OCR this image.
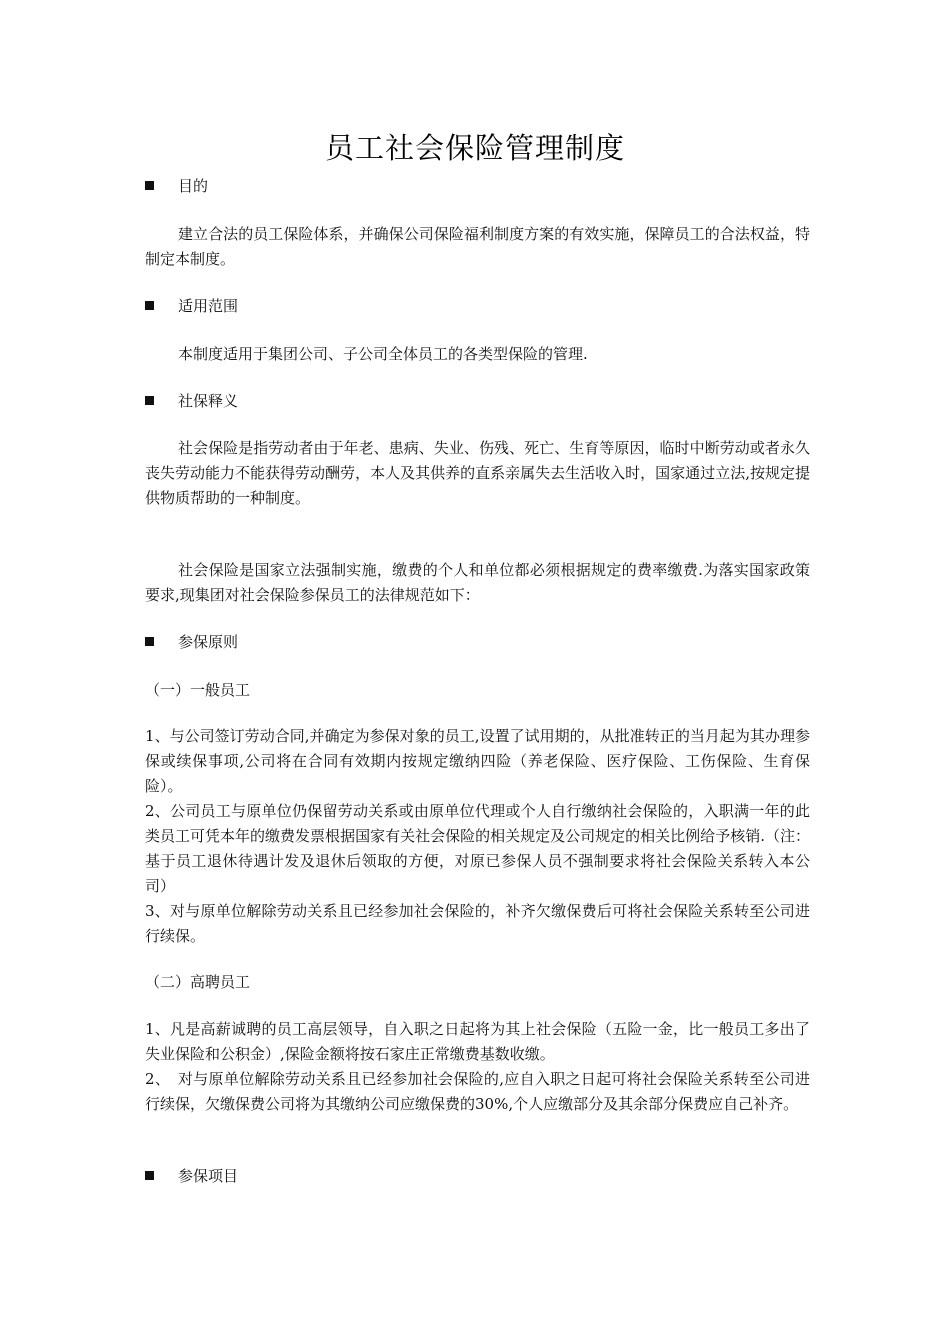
员工社会保险管理制度
目的

建立合法的员工保险体系，并确保公司保险福利制度方案的有效实施，保障员工的合法权益，特制定本制度。

适用范围

本制度适用于集团公司、子公司全体员工的各类型保险的管理.

社保释义

社会保险是指劳动者由于年老、患病、失业、伤残、死亡、生育等原因，临时中断劳动或者永久丧失劳动能力不能获得劳动酬劳，本人及其供养的直系亲属失去生活收入时，国家通过立法,按规定提供物质帮助的一种制度。

社会保险是国家立法强制实施，缴费的个人和单位都必须根据规定的费率缴费.为落实国家政策要求,现集团对社会保险参保员工的法律规范如下：

参保原则
（一）一般员工

1、与公司签订劳动合同,并确定为参保对象的员工,设置了试用期的，从批准转正的当月起为其办理参保或续保事项,公司将在合同有效期内按规定缴纳四险（养老保险、医疗保险、工伤保险、生育保险）。

2、公司员工与原单位仍保留劳动关系或由原单位代理或个人自行缴纳社会保险的，入职满一年的此类员工可凭本年的缴费发票根据国家有关社会保险的相关规定及公司规定的相关比例给予核销.（注：基于员工退休待遇计发及退休后领取的方便，对原已参保人员不强制要求将社会保险关系转入本公司）

3、对与原单位解除劳动关系且已经参加社会保险的，补齐欠缴保费后可将社会保险关系转至公司进行续保。

（二）高聘员工

1、凡是高薪诚聘的员工高层领导，自入职之日起将为其上社会保险（五险一金，比一般员工多出了失业保险和公积金）,保险金额将按石家庄正常缴费基数收缴。

2、　对与原单位解除劳动关系且已经参加社会保险的,应自入职之日起可将社会保险关系转至公司进行续保，欠缴保费公司将为其缴纳公司应缴保费的30%,个人应缴部分及其余部分保费应自己补齐。

参保项目
